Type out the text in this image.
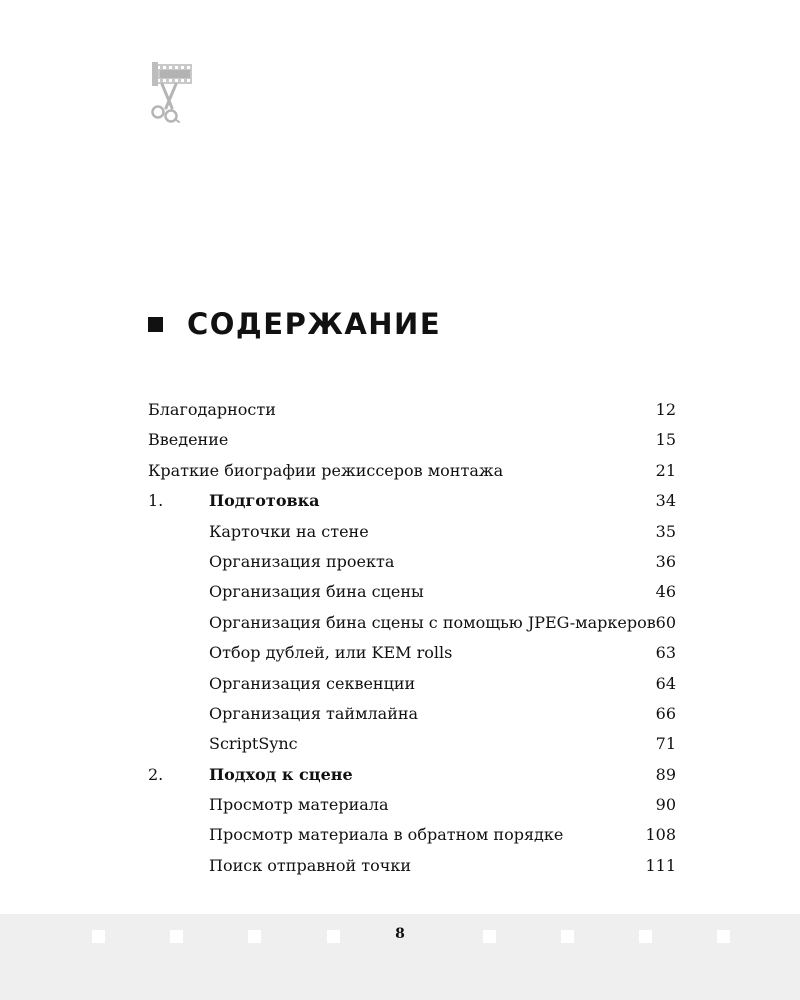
СОДЕРЖАНИЕ
Благодарности	12
Введение	15
Краткие биографии режиссеров монтажа	21
1.	Подготовка	34
Карточки на стене	35
Организация проекта	36
Организация бина сцены	46
Организация бина сцены с помощью JPEG-маркеров 60
Отбор дублей, или KEM rolls	63
Организация секвенции	64
Организация таймлайна	66
ScriptSync	71
2.	Подход к сцене	89
Просмотр материала	90
Просмотр материала в обратном порядке	108
Поиск отправной точки	111
8
